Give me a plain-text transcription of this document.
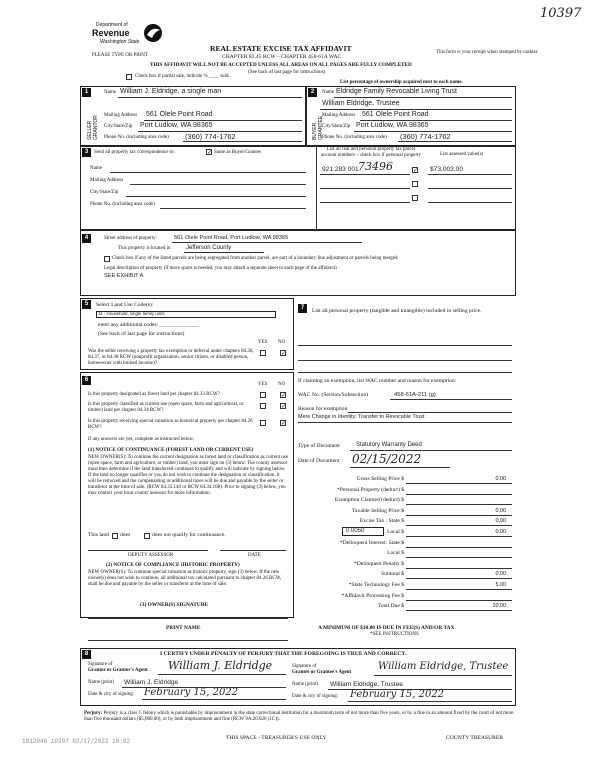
10397
Department of
Revenue
Washington State
PLEASE TYPE OR PRINT
REAL ESTATE EXCISE TAX AFFIDAVIT
CHAPTER 82.45 RCW – CHAPTER 458-61A WAC
THIS AFFIDAVIT WILL NOT BE ACCEPTED UNLESS ALL AREAS ON ALL PAGES ARE FULLY COMPLETED
This form is your receipt when stamped by cashier.
Check box if partial sale, indicate % ____ sold.
(See back of last page for instructions)
List percentage of ownership acquired next to each name.
1
SELLER GRANTOR
Name William J. Eldridge, a single man
Mailing Address 561 Olele Point Road
City/State/Zip Port Ludlow, WA 98365
Phone No. (including area code) (360) 774-1762
2
BUYER GRANTEE
Name Eldridge Family Revocable Living Trust
William Eldridge, Trustee
Mailing Address 561 Olele Point Road
City/State/Zip Port Ludlow, WA 98365
Phone No. (including area code) (360) 774-1762
3	Send all property tax correspondence to:	✓ Same as Buyer/Grantee
Name
Mailing Address
City/State/Zip
Phone No. (including area code)
List all real and personal property tax parcel account numbers – check box if personal property	List assessed value(s)
921 283 001 73496	✓ $73,003.00
4	Street address of property:	561 Olele Point Road, Port Ludlow, WA 98365
This property is located in	Jefferson County
Check box if any of the listed parcels are being segregated from another parcel, are part of a boundary line adjustment or parcels being merged.
Legal description of property (if more space is needed, you may attach a separate sheet to each page of the affidavit)
SEE EXHIBIT A
5	Select Land Use Code(s):
11 - Household, single family units
enter any additional codes: ______________
(See back of last page for instructions)
YES NO
Was the seller receiving a property tax exemption or deferral under chapters 84.36, 84.37, or 84.38 RCW (nonprofit organization, senior citizen, or disabled person, homeowner with limited income)?
✓
6
YES NO
Is this property designated as forest land per chapter 84.33 RCW?	✓
Is this property classified as current use (open space, farm and agricultural, or timber) land per chapter 84.34 RCW?
✓
Is this property receiving special valuation as historical property per chapter 84.26 RCW?
✓
If any answers are yes, complete as instructed below.
(1) NOTICE OF CONTINUANCE (FOREST LAND OR CURRENT USE)
NEW OWNER(S): To continue the current designation as forest land or classification as current use (open space, farm and agriculture, or timber) land, you must sign on (3) below. The county assessor must then determine if the land transferred continues to qualify and will indicate by signing below. If the land no longer qualifies or you do not wish to continue the designation or classification, it will be removed and the compensating or additional taxes will be due and payable by the seller or transferor at the time of sale. (RCW 84.33.140 or RCW 84.34.108). Prior to signing (3) below, you may contact your local county assessor for more information.
This land does	does not qualify for continuance.
DEPUTY ASSESSOR	DATE
(2) NOTICE OF COMPLIANCE (HISTORIC PROPERTY)
NEW OWNER(S): To continue special valuation as historic property, sign (3) below. If the new owner(s) does not wish to continue, all additional tax calculated pursuant to chapter 84.26 RCW, shall be due and payable by the seller or transferor at the time of sale.
(3) OWNER(S) SIGNATURE
PRINT NAME
7	List all personal property (tangible and intangible) included in selling price.
If claiming an exemption, list WAC number and reason for exemption:
WAC No. (Section/Subsection)	458-61A-211 (g)
Reason for exemption
Mere Change in Identity; Transfer to Revocable Trust
Type of Document	Statutory Warranty Deed
Date of Document 02/15/2022
Gross Selling Price $	0.00
*Personal Property (deduct) $
Exemption Claimed (deduct) $
Taxable Selling Price $	0.00
Excise Tax : State $	0.00
Local $	0.00
*Delinquent Interest: State $
Local $
*Delinquent Penalty $
Subtotal $	0.00
*State Technology Fee $	5.00
*Affidavit Processing Fee $
Total Due $	10.00
0.0050
A MINIMUM OF $10.00 IS DUE IN FEE(S) AND/OR TAX
*SEE INSTRUCTIONS
8	I CERTIFY UNDER PENALTY OF PERJURY THAT THE FOREGOING IS TRUE AND CORRECT.
Signature of
Grantor or Grantor's Agent William J. Eldridge
Name (print) William J. Eldridge
Date & city of signing: February 15, 2022
Signature of
Grantee or Grantee's Agent
William Eldridge, Trustee
Name (print) William Eldridge, Trustee
Date & city of signing: February 15, 2022
Perjury: Perjury is a class C felony which is punishable by imprisonment in the state correctional institution for a maximum term of not more than five years, or by a fine in an amount fixed by the court of not more than five thousand dollars ($5,000.00), or by both imprisonment and fine (RCW 9A.20.020 (1C)).
1012046 10397 02/17/2022 10:02	THIS SPACE - TREASURER'S USE ONLY	COUNTY TREASURER
